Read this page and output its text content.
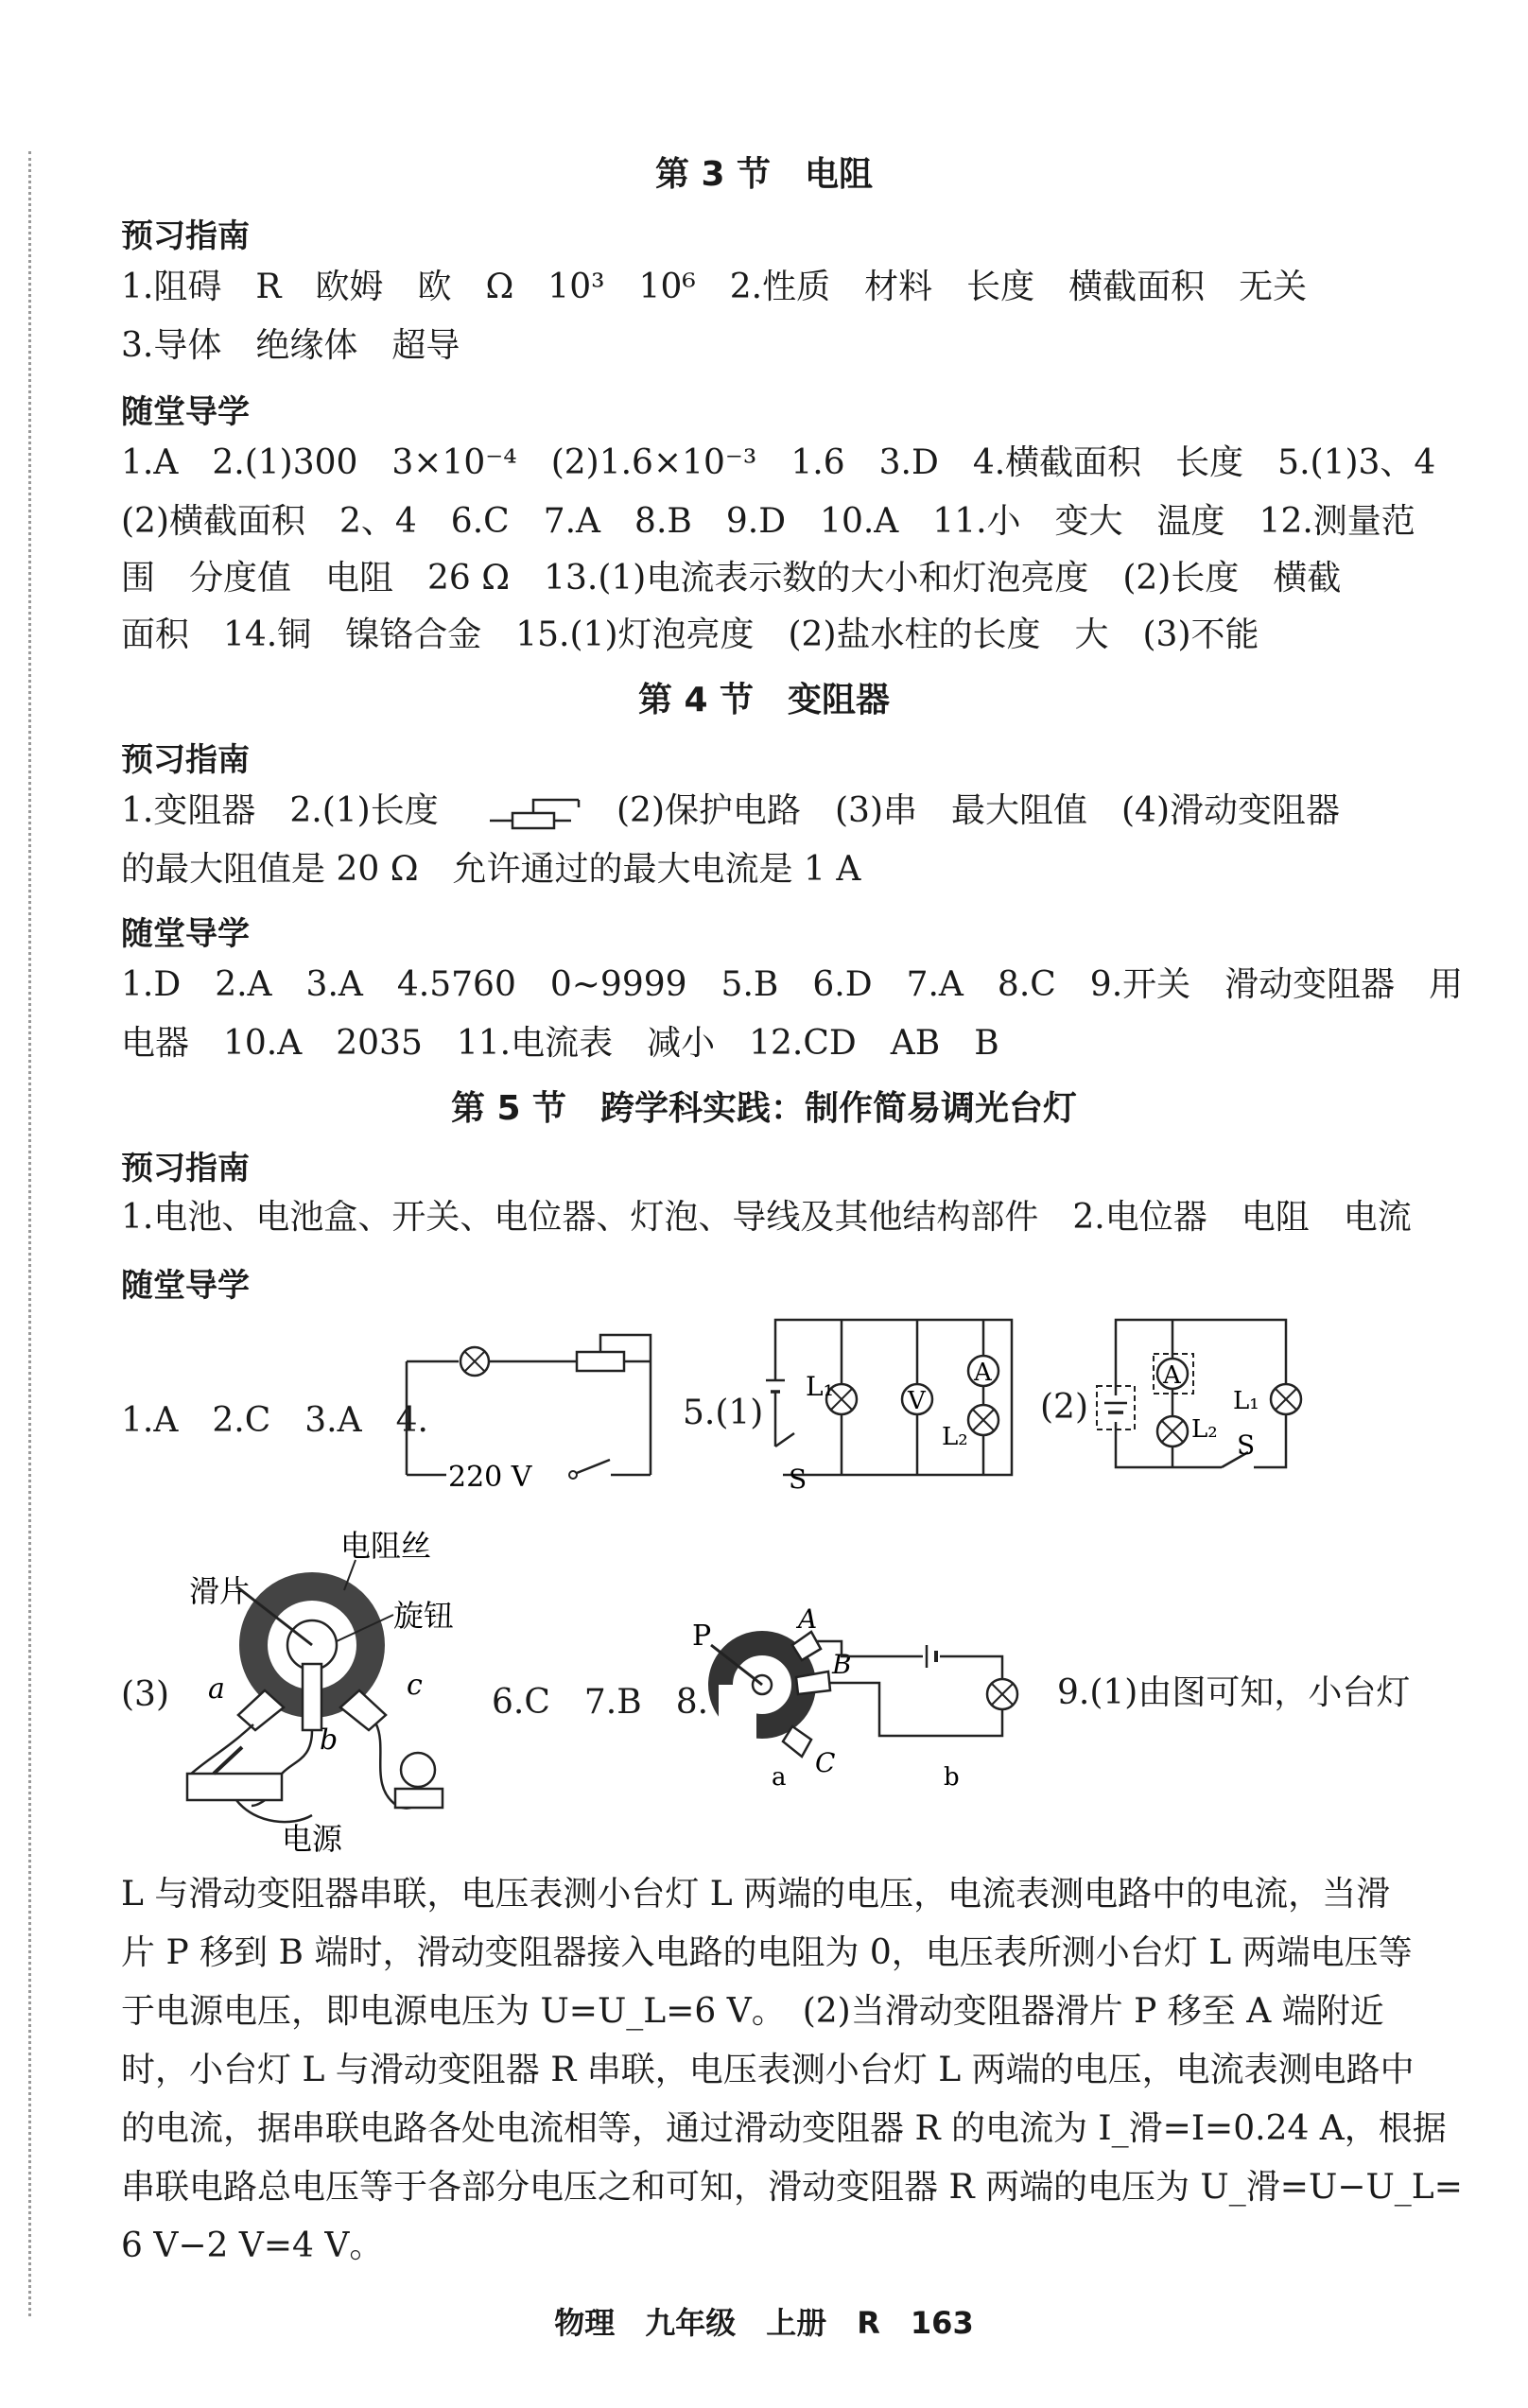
第 3 节　电阻
预习指南
1.阻碍　R　欧姆　欧　Ω　10³　10⁶　2.性质　材料　长度　横截面积　无关
3.导体　绝缘体　超导
随堂导学
1.A　2.(1)300　3×10⁻⁴　(2)1.6×10⁻³　1.6　3.D　4.横截面积　长度　5.(1)3、4
(2)横截面积　2、4　6.C　7.A　8.B　9.D　10.A　11.小　变大　温度　12.测量范
围　分度值　电阻　26 Ω　13.(1)电流表示数的大小和灯泡亮度　(2)长度　横截
面积　14.铜　镍铬合金　15.(1)灯泡亮度　(2)盐水柱的长度　大　(3)不能
第 4 节　变阻器
预习指南
1.变阻器　2.(1)长度	(2)保护电路　(3)串　最大阻值　(4)滑动变阻器
的最大阻值是 20 Ω　允许通过的最大电流是 1 A
随堂导学
1.D　2.A　3.A　4.5760　0~9999　5.B　6.D　7.A　8.C　9.开关　滑动变阻器　用
电器　10.A　2035　11.电流表　减小　12.CD　AB　B
第 5 节　跨学科实践：制作简易调光台灯
预习指南
1.电池、电池盒、开关、电位器、灯泡、导线及其他结构部件　2.电位器　电阻　电流
随堂导学
1.A　2.C　3.A　4.
220 V
5.(1)
L₁	V
A
L₂
S
(2)
A
L₂
L₁
S
(3)
电阻丝
滑片
旋钮
a
b
c
电源
6.C　7.B　8.
P
A
B
C
a	b
9.(1)由图可知，小台灯
L 与滑动变阻器串联，电压表测小台灯 L 两端的电压，电流表测电路中的电流，当滑
片 P 移到 B 端时，滑动变阻器接入电路的电阻为 0，电压表所测小台灯 L 两端电压等
于电源电压，即电源电压为 U=U_L=6 V。　(2)当滑动变阻器滑片 P 移至 A 端附近
时，小台灯 L 与滑动变阻器 R 串联，电压表测小台灯 L 两端的电压，电流表测电路中
的电流，据串联电路各处电流相等，通过滑动变阻器 R 的电流为 I_滑=I=0.24 A，根据
串联电路总电压等于各部分电压之和可知，滑动变阻器 R 两端的电压为 U_滑=U−U_L=
6 V−2 V=4 V。
物理　九年级　上册　R　163
